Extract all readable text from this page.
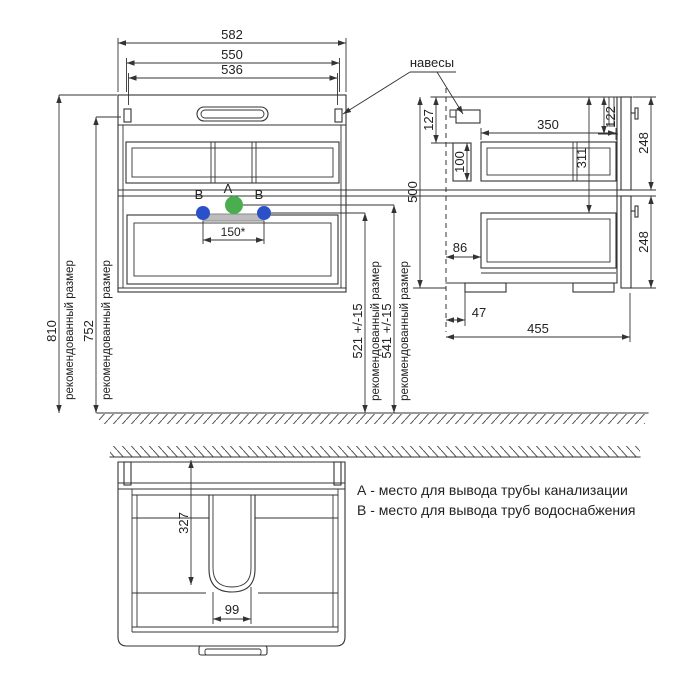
А
В	В
150*
582
550
536
810 рекомендованный размер 752 рекомендованный размер	521 +/-15 рекомендованный размер
541 +/-15 рекомендованный размер
500
навесы
100
127	350
311
122
248
248
86
47
455
327
99
А - место для вывода трубы канализации
В - место для вывода труб водоснабжения
